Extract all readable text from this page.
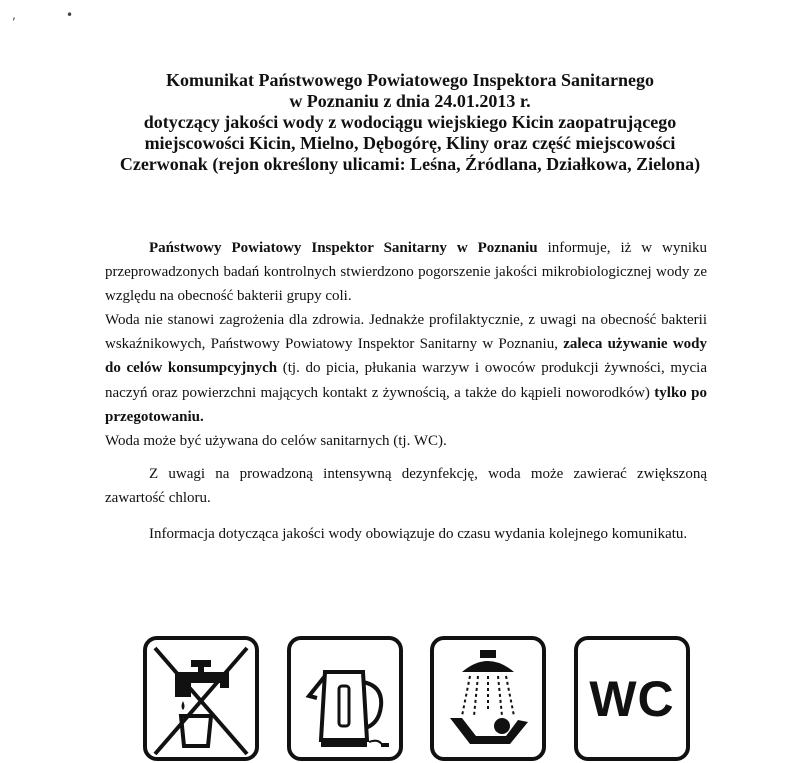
,	•
Komunikat Państwowego Powiatowego Inspektora Sanitarnego
w Poznaniu z dnia 24.01.2013 r.
dotyczący jakości wody z wodociągu wiejskiego Kicin zaopatrującego
miejscowości Kicin, Mielno, Dębogórę, Kliny oraz część miejscowości
Czerwonak (rejon określony ulicami: Leśna, Źródlana, Działkowa, Zielona)

Państwowy Powiatowy Inspektor Sanitarny w Poznaniu informuje, iż w wyniku przeprowadzonych badań kontrolnych stwierdzono pogorszenie jakości mikrobiologicznej wody ze względu na obecność bakterii grupy coli.

Woda nie stanowi zagrożenia dla zdrowia. Jednakże profilaktycznie, z uwagi na obecność bakterii wskaźnikowych, Państwowy Powiatowy Inspektor Sanitarny w Poznaniu, zaleca używanie wody do celów konsumpcyjnych (tj. do picia, płukania warzyw i owoców produkcji żywności, mycia naczyń oraz powierzchni mających kontakt z żywnością, a także do kąpieli noworodków) tylko po przegotowaniu.

Woda może być używana do celów sanitarnych (tj. WC).

Z uwagi na prowadzoną intensywną dezynfekcję, woda może zawierać zwiększoną zawartość chloru.

Informacja dotycząca jakości wody obowiązuje do czasu wydania kolejnego komunikatu.

WC
